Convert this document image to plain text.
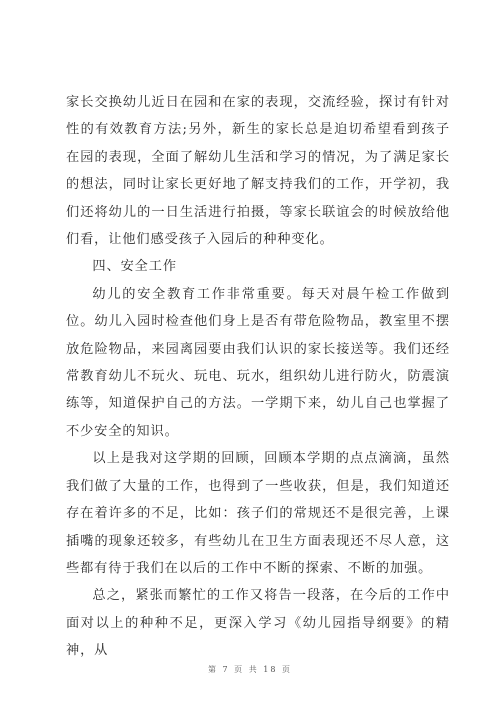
家长交换幼儿近日在园和在家的表现，交流经验，探讨有针对性的有效教育方法;另外，新生的家长总是迫切希望看到孩子在园的表现，全面了解幼儿生活和学习的情况，为了满足家长的想法，同时让家长更好地了解支持我们的工作，开学初，我们还将幼儿的一日生活进行拍摄，等家长联谊会的时候放给他们看，让他们感受孩子入园后的种种变化。

四、安全工作

幼儿的安全教育工作非常重要。每天对晨午检工作做到位。幼儿入园时检查他们身上是否有带危险物品，教室里不摆放危险物品，来园离园要由我们认识的家长接送等。我们还经常教育幼儿不玩火、玩电、玩水，组织幼儿进行防火，防震演练等，知道保护自己的方法。一学期下来，幼儿自己也掌握了不少安全的知识。

以上是我对这学期的回顾，回顾本学期的点点滴滴，虽然我们做了大量的工作，也得到了一些收获，但是，我们知道还存在着许多的不足，比如：孩子们的常规还不是很完善，上课插嘴的现象还较多，有些幼儿在卫生方面表现还不尽人意，这些都有待于我们在以后的工作中不断的探索、不断的加强。

总之，紧张而繁忙的工作又将告一段落，在今后的工作中面对以上的种种不足，更深入学习《幼儿园指导纲要》的精神，从

第 7 页 共 18 页
